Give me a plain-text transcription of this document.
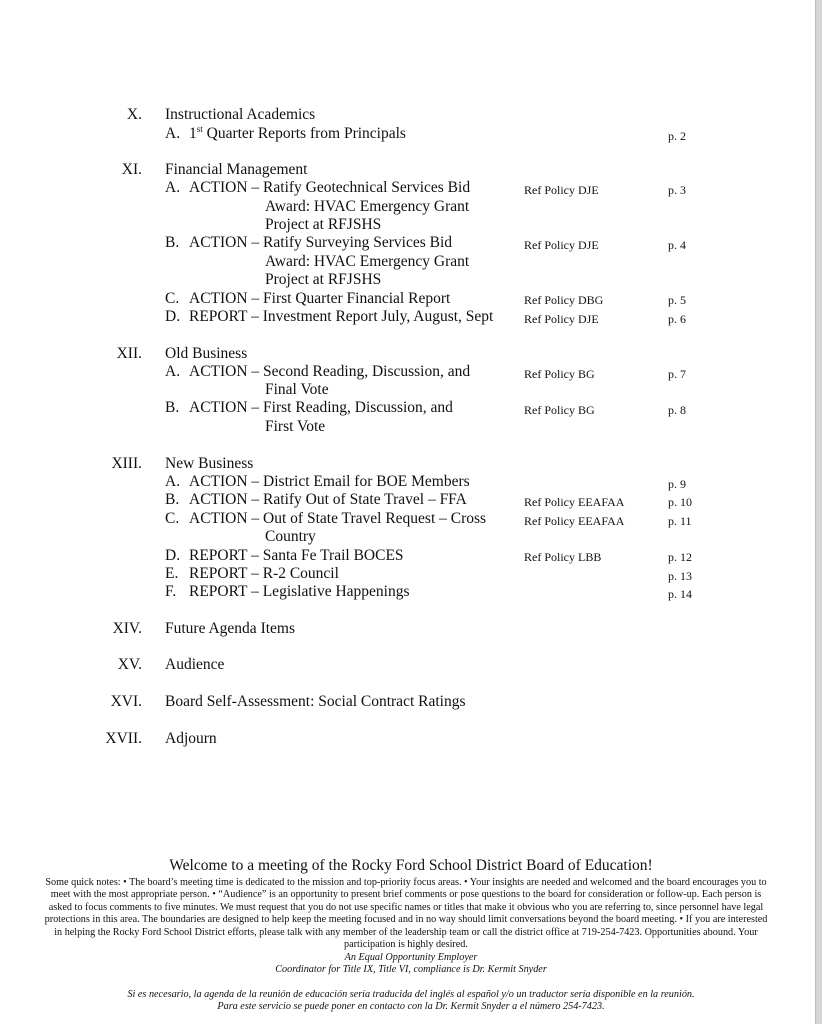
X. Instructional Academics
A. 1st Quarter Reports from Principals	p. 2
XI. Financial Management
A. ACTION – Ratify Geotechnical Services Bid
Award: HVAC Emergency Grant
Project at RFJSHS
Ref Policy DJE	p. 3
B. ACTION – Ratify Surveying Services Bid
Award: HVAC Emergency Grant
Project at RFJSHS
Ref Policy DJE	p. 4
C. ACTION – First Quarter Financial Report	Ref Policy DBG	p. 5
D. REPORT – Investment Report July, August, Sept	Ref Policy DJE	p. 6
XII. Old Business
A. ACTION – Second Reading, Discussion, and
Final Vote
Ref Policy BG	p. 7
B. ACTION – First Reading, Discussion, and
First Vote
Ref Policy BG	p. 8
XIII. New Business
A. ACTION – District Email for BOE Members	p. 9
B. ACTION – Ratify Out of State Travel – FFA	Ref Policy EEAFAA	p. 10
C. ACTION – Out of State Travel Request – Cross
Country
Ref Policy EEAFAA	p. 11
D. REPORT – Santa Fe Trail BOCES	Ref Policy LBB	p. 12
E. REPORT – R-2 Council	p. 13
F. REPORT – Legislative Happenings	p. 14
XIV. Future Agenda Items
XV. Audience
XVI. Board Self-Assessment: Social Contract Ratings
XVII. Adjourn
Welcome to a meeting of the Rocky Ford School District Board of Education!
Some quick notes: • The board’s meeting time is dedicated to the mission and top-priority focus areas. • Your insights are needed and welcomed and the board encourages you to meet with the most appropriate person. • “Audience” is an opportunity to present brief comments or pose questions to the board for consideration or follow-up. Each person is asked to focus comments to five minutes. We must request that you do not use specific names or titles that make it obvious who you are referring to, since personnel have legal protections in this area. The boundaries are designed to help keep the meeting focused and in no way should limit conversations beyond the board meeting. • If you are interested in helping the Rocky Ford School District efforts, please talk with any member of the leadership team or call the district office at 719-254-7423. Opportunities abound. Your participation is highly desired.
An Equal Opportunity Employer
Coordinator for Title IX, Title VI, compliance is Dr. Kermit Snyder
Si es necesario, la agenda de la reunión de educación sería traducida del inglés al español y/o un traductor sería disponible en la reunión.
Para este servicio se puede poner en contacto con la Dr. Kermit Snyder a el número 254-7423.
